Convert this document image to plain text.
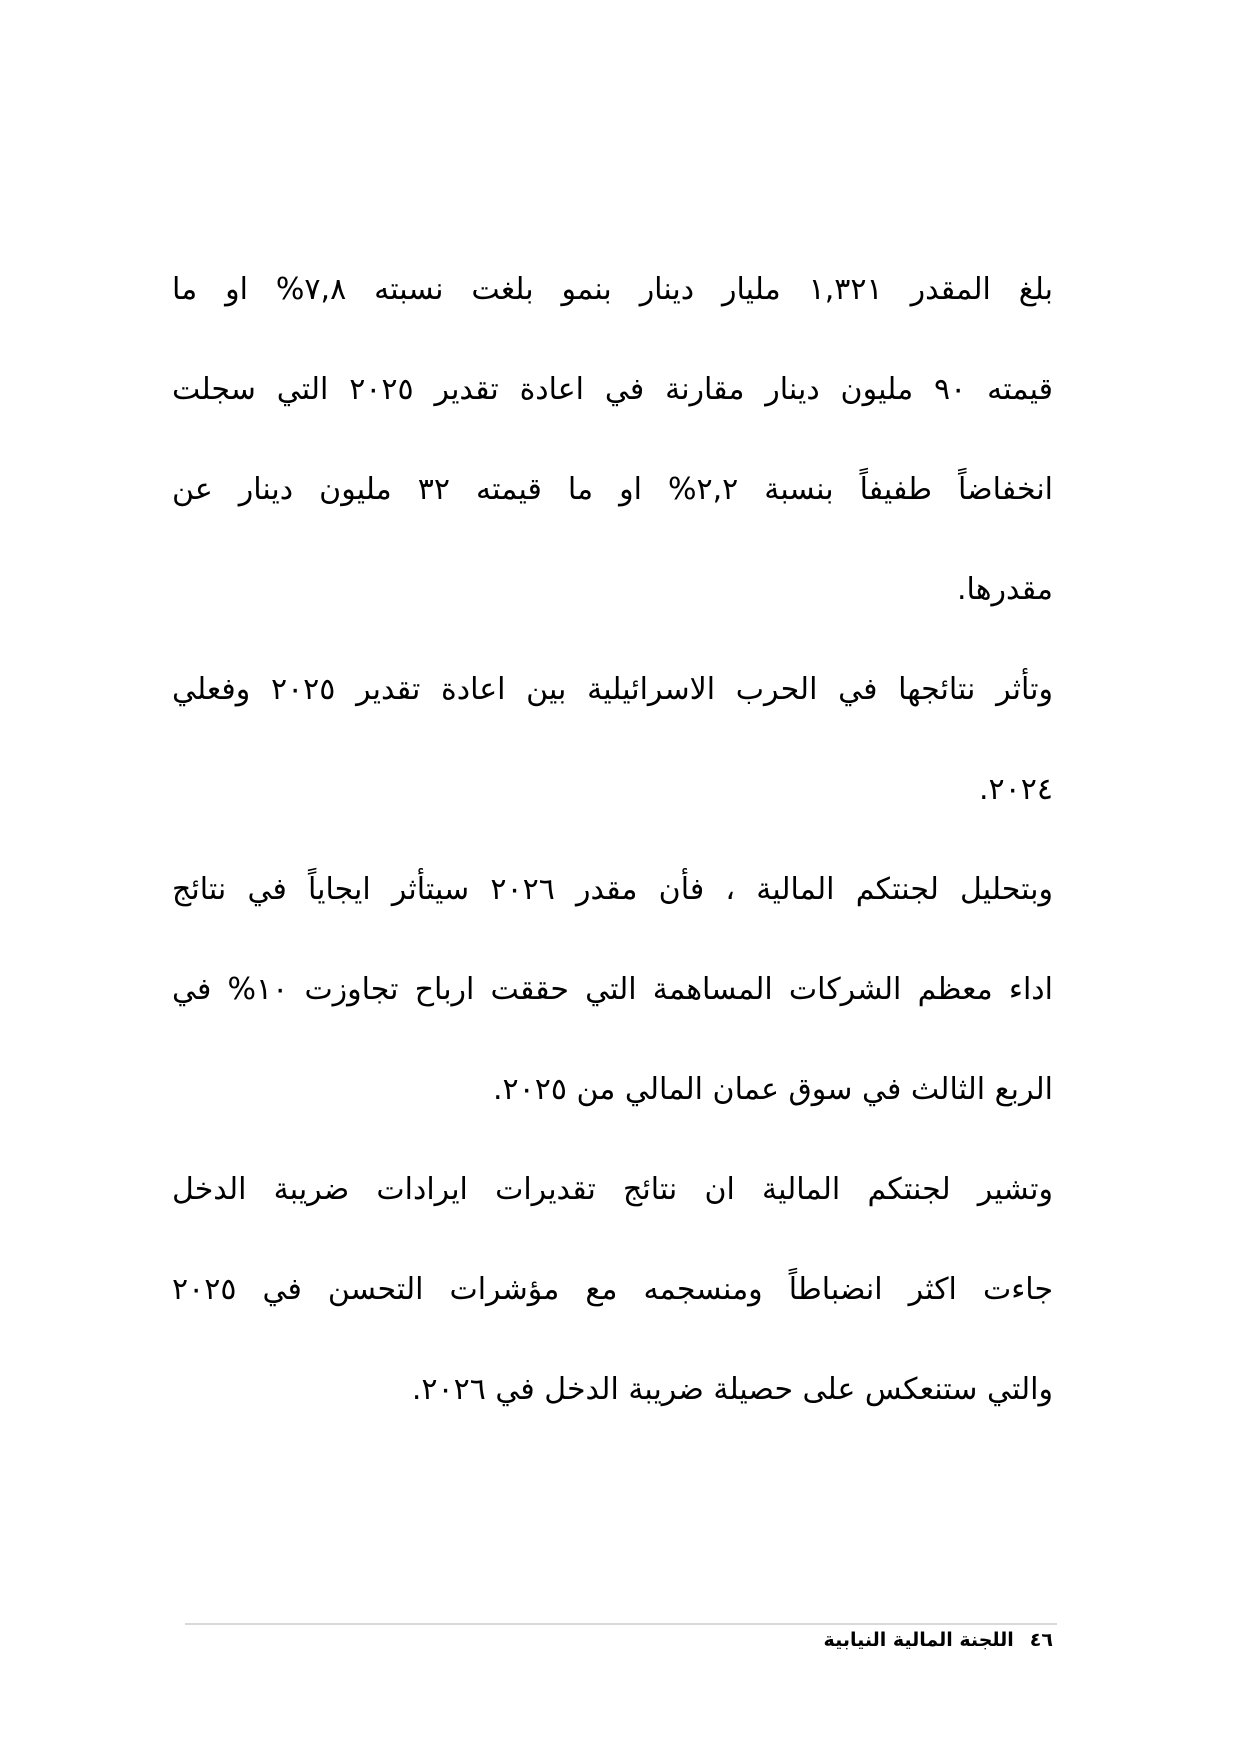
بلغ المقدر ١,٣٢١ مليار دينار بنمو بلغت نسبته ٧,٨% او ما
قيمته ٩٠ مليون دينار مقارنة في اعادة تقدير ٢٠٢٥ التي سجلت
انخفاضاً طفيفاً بنسبة ٢,٢% او ما قيمته ٣٢ مليون دينار عن
مقدرها.
وتأثر نتائجها في الحرب الاسرائيلية بين اعادة تقدير ٢٠٢٥ وفعلي
٢٠٢٤.
وبتحليل لجنتكم المالية ، فأن مقدر ٢٠٢٦ سيتأثر ايجاياً في نتائج
اداء معظم الشركات المساهمة التي حققت ارباح تجاوزت ١٠% في
الربع الثالث في سوق عمان المالي من ٢٠٢٥.
وتشير لجنتكم المالية ان نتائج تقديرات ايرادات ضريبة الدخل
جاءت اكثر انضباطاً ومنسجمه مع مؤشرات التحسن في ٢٠٢٥
والتي ستنعكس على حصيلة ضريبة الدخل في ٢٠٢٦.
٤٦اللجنة المالية النيابية
